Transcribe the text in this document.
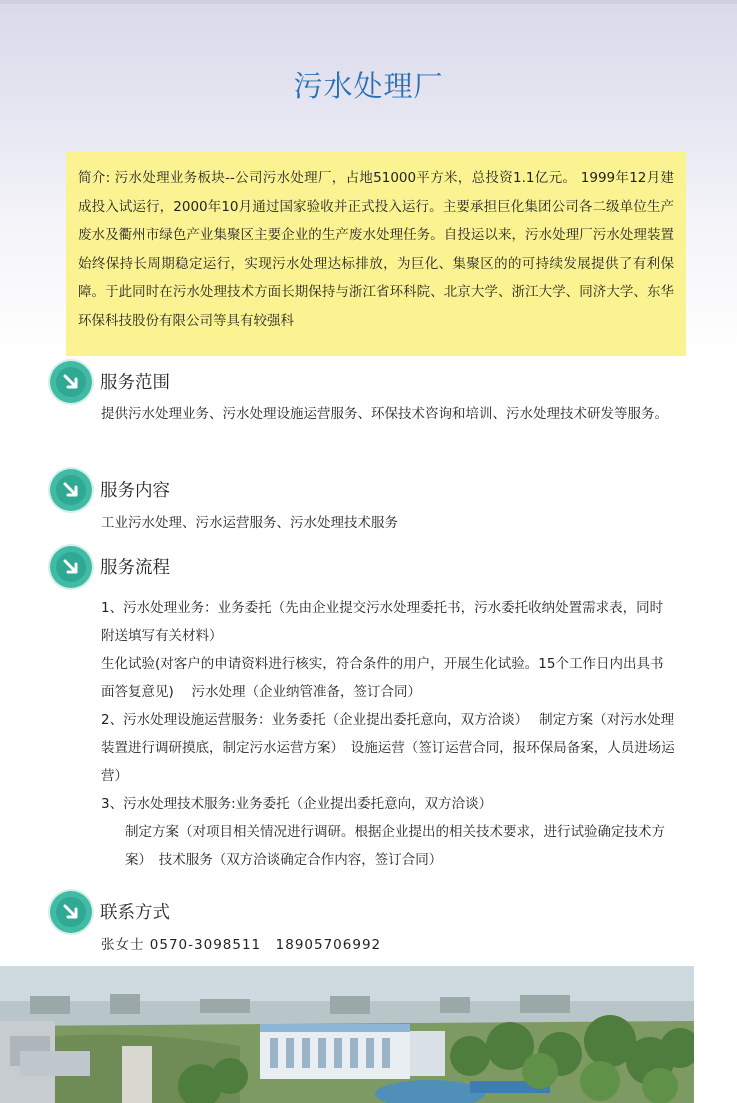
污水处理厂
简介: 污水处理业务板块--公司污水处理厂，占地51000平方米，总投资1.1亿元。 1999年12月建成投入试运行，2000年10月通过国家验收并正式投入运行。主要承担巨化集团公司各二级单位生产废水及衢州市绿色产业集聚区主要企业的生产废水处理任务。自投运以来，污水处理厂污水处理装置始终保持长周期稳定运行，实现污水处理达标排放，为巨化、集聚区的的可持续发展提供了有利保障。于此同时在污水处理技术方面长期保持与浙江省环科院、北京大学、浙江大学、同济大学、东华环保科技股份有限公司等具有较强科
服务范围
提供污水处理业务、污水处理设施运营服务、环保技术咨询和培训、污水处理技术研发等服务。
服务内容
工业污水处理、污水运营服务、污水处理技术服务
服务流程
1、污水处理业务：业务委托（先由企业提交污水处理委托书，污水委托收纳处置需求表，同时附送填写有关材料）
生化试验(对客户的申请资料进行核实，符合条件的用户，开展生化试验。15个工作日内出具书面答复意见)　 污水处理（企业纳管准备，签订合同）
2、污水处理设施运营服务：业务委托（企业提出委托意向，双方洽谈）　 制定方案（对污水处理装置进行调研摸底，制定污水运营方案）　设施运营（签订运营合同，报环保局备案，人员进场运营）
3、污水处理技术服务:业务委托（企业提出委托意向，双方洽谈）
制定方案（对项目相关情况进行调研。根据企业提出的相关技术要求，进行试验确定技术方案）　技术服务（双方洽谈确定合作内容，签订合同）
联系方式
张女士 0570-3098511　18905706992
